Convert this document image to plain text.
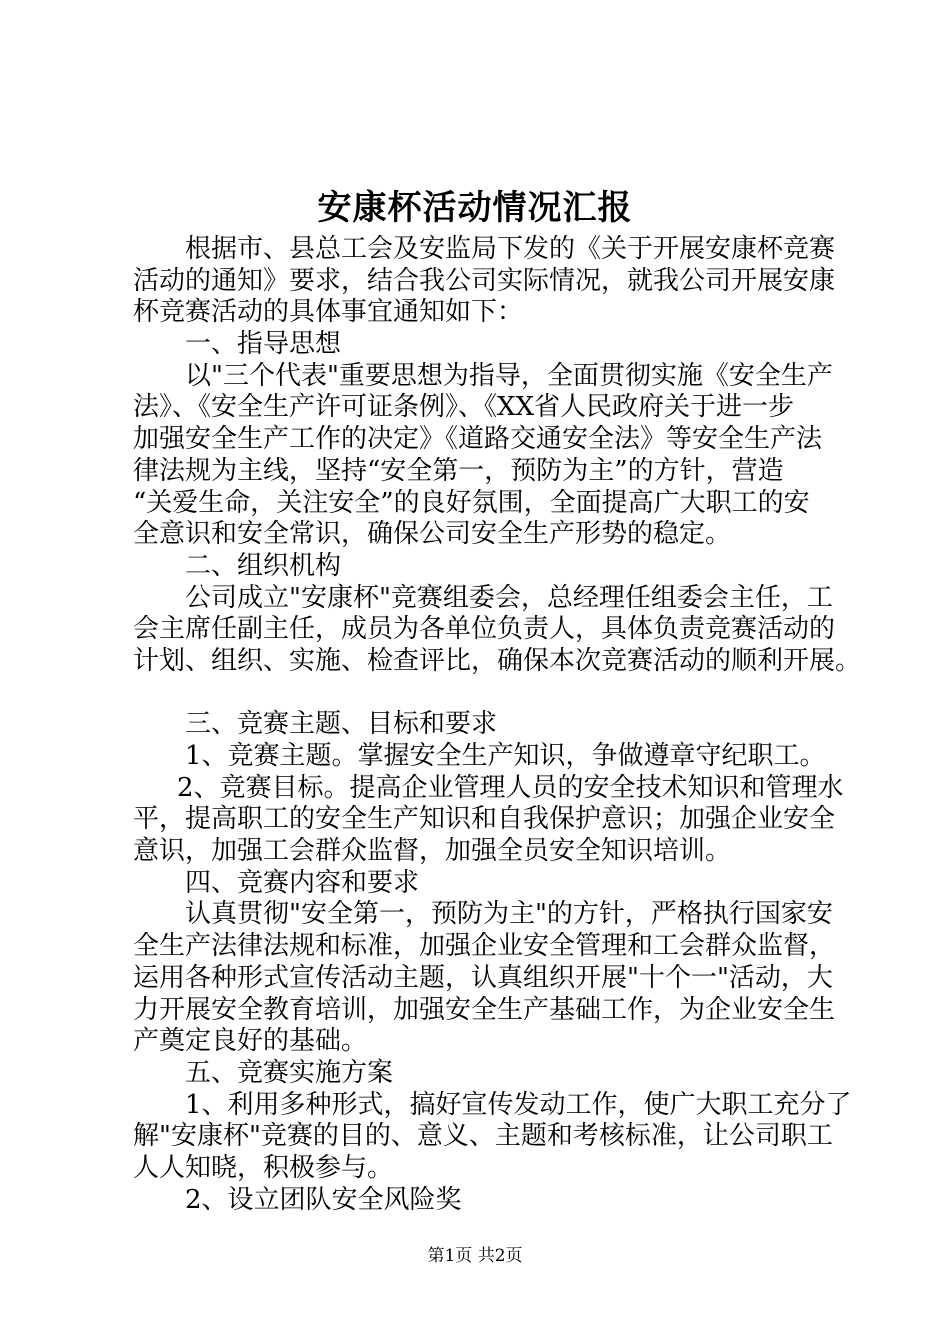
安康杯活动情况汇报
根据市、县总工会及安监局下发的《关于开展安康杯竞赛
活动的通知》要求，结合我公司实际情况，就我公司开展安康
杯竞赛活动的具体事宜通知如下：
一、指导思想
以"三个代表"重要思想为指导，全面贯彻实施《安全生产
法》、《安全生产许可证条例》、《XX省人民政府关于进一步
加强安全生产工作的决定》《道路交通安全法》等安全生产法
律法规为主线，坚持“安全第一，预防为主”的方针，营造
“关爱生命，关注安全”的良好氛围，全面提高广大职工的安
全意识和安全常识，确保公司安全生产形势的稳定。
二、组织机构
公司成立"安康杯"竞赛组委会，总经理任组委会主任，工
会主席任副主任，成员为各单位负责人，具体负责竞赛活动的
计划、组织、实施、检查评比，确保本次竞赛活动的顺利开展。
三、竞赛主题、目标和要求
1、竞赛主题。掌握安全生产知识，争做遵章守纪职工。
2、竞赛目标。提高企业管理人员的安全技术知识和管理水
平，提高职工的安全生产知识和自我保护意识；加强企业安全
意识，加强工会群众监督，加强全员安全知识培训。
四、竞赛内容和要求
认真贯彻"安全第一，预防为主"的方针，严格执行国家安
全生产法律法规和标准，加强企业安全管理和工会群众监督，
运用各种形式宣传活动主题，认真组织开展"十个一"活动，大
力开展安全教育培训，加强安全生产基础工作，为企业安全生
产奠定良好的基础。
五、竞赛实施方案
1、利用多种形式，搞好宣传发动工作，使广大职工充分了
解"安康杯"竞赛的目的、意义、主题和考核标准，让公司职工
人人知晓，积极参与。
2、设立团队安全风险奖
第1页 共2页
